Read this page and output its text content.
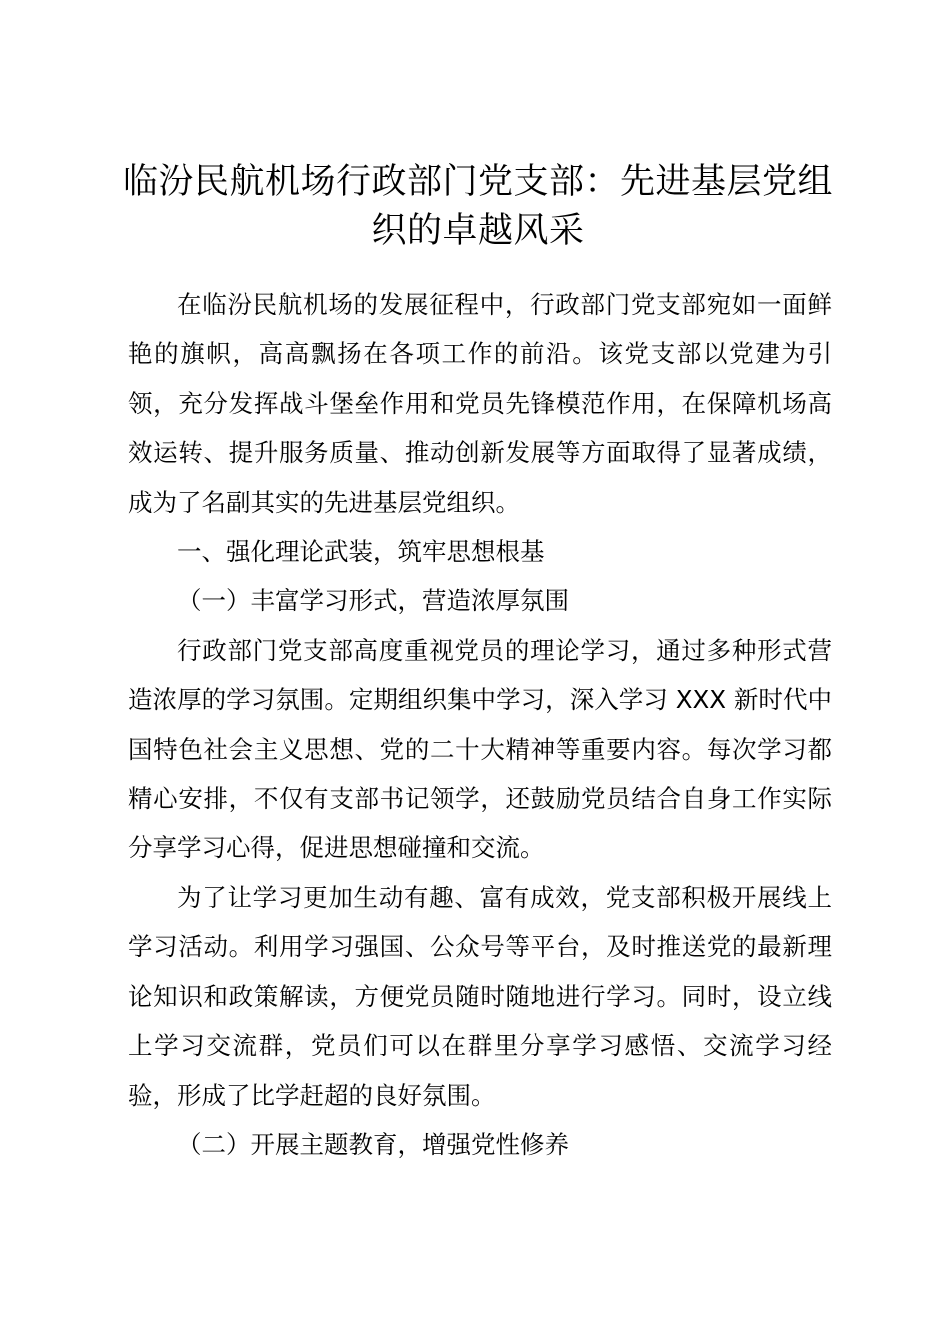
临汾民航机场行政部门党支部：先进基层党组织的卓越风采

在临汾民航机场的发展征程中，行政部门党支部宛如一面鲜艳的旗帜，高高飘扬在各项工作的前沿。该党支部以党建为引领，充分发挥战斗堡垒作用和党员先锋模范作用，在保障机场高效运转、提升服务质量、推动创新发展等方面取得了显著成绩，成为了名副其实的先进基层党组织。

一、强化理论武装，筑牢思想根基

（一）丰富学习形式，营造浓厚氛围

行政部门党支部高度重视党员的理论学习，通过多种形式营造浓厚的学习氛围。定期组织集中学习，深入学习 XXX 新时代中国特色社会主义思想、党的二十大精神等重要内容。每次学习都精心安排，不仅有支部书记领学，还鼓励党员结合自身工作实际分享学习心得，促进思想碰撞和交流。

为了让学习更加生动有趣、富有成效，党支部积极开展线上学习活动。利用学习强国、公众号等平台，及时推送党的最新理论知识和政策解读，方便党员随时随地进行学习。同时，设立线上学习交流群，党员们可以在群里分享学习感悟、交流学习经验，形成了比学赶超的良好氛围。

（二）开展主题教育，增强党性修养
